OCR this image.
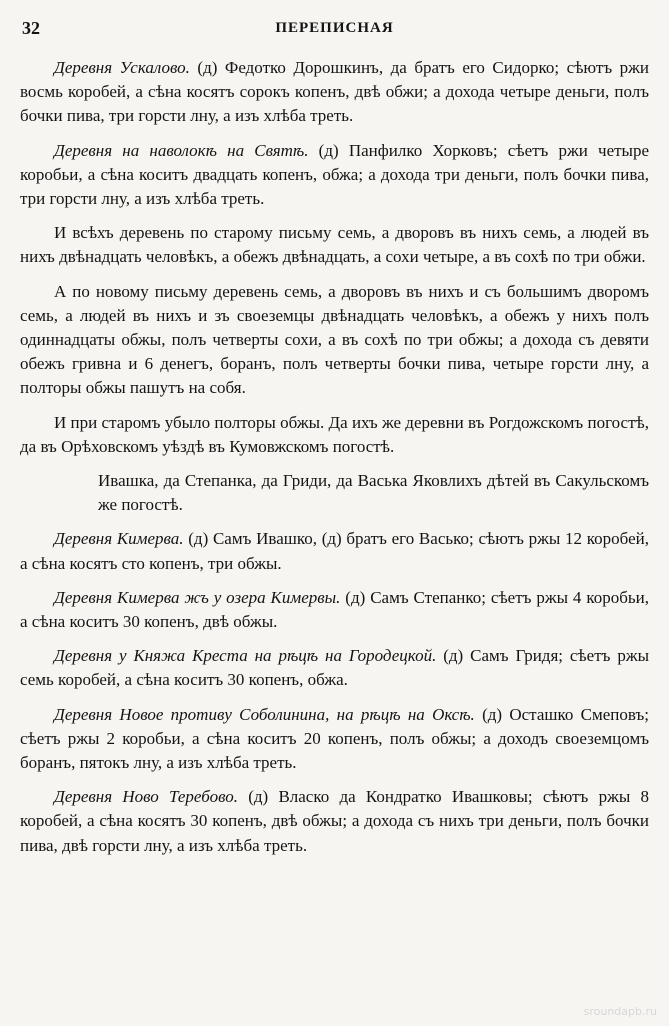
32	ПЕРЕПИСНАЯ

Деревня Ускалово. (д) Федотко Дорошкинъ, да братъ его Сидорко; сѣютъ ржи восмь коробей, а сѣна косятъ сорокъ копенъ, двѣ обжи; а дохода четыре деньги, полъ бочки пива, три горсти лну, а изъ хлѣба треть.

Деревня на наволокѣ на Святѣ. (д) Панфилко Хорковъ; сѣетъ ржи четыре коробьи, а сѣна коситъ двадцать копенъ, обжа; а дохода три деньги, полъ бочки пива, три горсти лну, а изъ хлѣба треть.

И всѣхъ деревень по старому письму семь, а дворовъ въ нихъ семь, а людей въ нихъ двѣнадцать человѣкъ, а обежъ двѣнадцать, а сохи четыре, а въ сохѣ по три обжи.

А по новому письму деревень семь, а дворовъ въ нихъ и съ большимъ дворомъ семь, а людей въ нихъ и зъ своеземцы двѣнадцать человѣкъ, а обежъ у нихъ полъ одиннадцаты обжы, полъ четверты сохи, а въ сохѣ по три обжы; а дохода съ девяти обежъ гривна и 6 денегъ, боранъ, полъ четверты бочки пива, четыре горсти лну, а полторы обжы пашутъ на собя.

И при старомъ убыло полторы обжы. Да ихъ же деревни въ Рогдожскомъ погостѣ, да въ Орѣховскомъ уѣздѣ въ Кумовжскомъ погостѣ.

Ивашка, да Степанка, да Гриди, да Васька Яковлихъ дѣтей въ Сакульскомъ же погостѣ.

Деревня Кимерва. (д) Самъ Ивашко, (д) братъ его Васько; сѣютъ ржы 12 коробей, а сѣна косятъ сто копенъ, три обжы.

Деревня Кимерва жъ у озера Кимервы. (д) Самъ Степанко; сѣетъ ржы 4 коробьи, а сѣна коситъ 30 копенъ, двѣ обжы.

Деревня у Княжа Креста на рѣцѣ на Городецкой. (д) Самъ Гридя; сѣетъ ржы семь коробей, а сѣна коситъ 30 копенъ, обжа.

Деревня Новое противу Соболинина, на рѣцѣ на Оксѣ. (д) Осташко Смеповъ; сѣетъ ржы 2 коробьи, а сѣна коситъ 20 копенъ, полъ обжы; а доходъ своеземцомъ боранъ, пятокъ лну, а изъ хлѣба треть.

Деревня Ново Теребово. (д) Власко да Кондратко Ивашковы; сѣютъ ржы 8 коробей, а сѣна косятъ 30 копенъ, двѣ обжы; а дохода съ нихъ три деньги, полъ бочки пива, двѣ горсти лну, а изъ хлѣба треть.

sroundapb.ru
